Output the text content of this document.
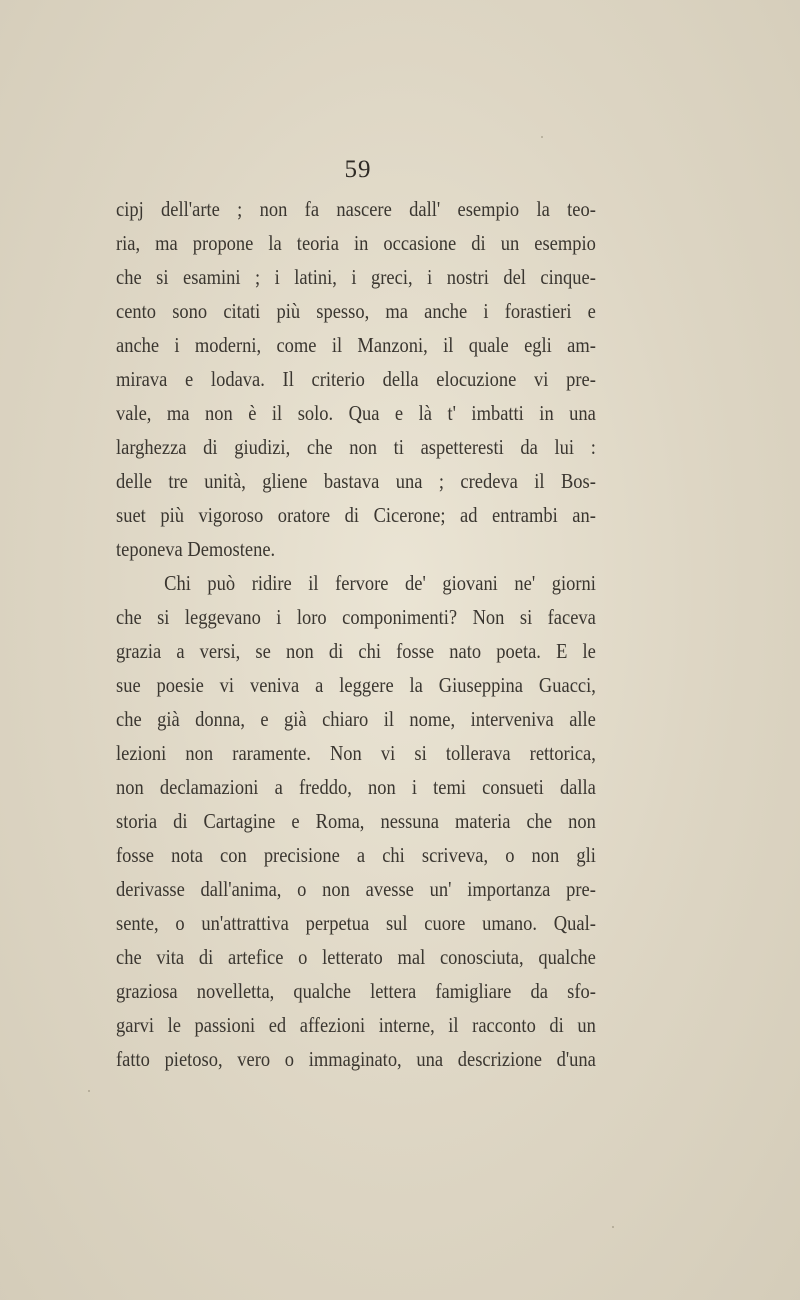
59
cipj dell'arte ; non fa nascere dall' esempio la teo-
ria, ma propone la teoria in occasione di un esempio
che si esamini ; i latini, i greci, i nostri del cinque-
cento sono citati più spesso, ma anche i forastieri e
anche i moderni, come il Manzoni, il quale egli am-
mirava e lodava. Il criterio della elocuzione vi pre-
vale, ma non è il solo. Qua e là t' imbatti in una
larghezza di giudizi, che non ti aspetteresti da lui :
delle tre unità, gliene bastava una ; credeva il Bos-
suet più vigoroso oratore di Cicerone; ad entrambi an-
teponeva Demostene.
Chi può ridire il fervore de' giovani ne' giorni
che si leggevano i loro componimenti? Non si faceva
grazia a versi, se non di chi fosse nato poeta. E le
sue poesie vi veniva a leggere la Giuseppina Guacci,
che già donna, e già chiaro il nome, interveniva alle
lezioni non raramente. Non vi si tollerava rettorica,
non declamazioni a freddo, non i temi consueti dalla
storia di Cartagine e Roma, nessuna materia che non
fosse nota con precisione a chi scriveva, o non gli
derivasse dall'anima, o non avesse un' importanza pre-
sente, o un'attrattiva perpetua sul cuore umano. Qual-
che vita di artefice o letterato mal conosciuta, qualche
graziosa novelletta, qualche lettera famigliare da sfo-
garvi le passioni ed affezioni interne, il racconto di un
fatto pietoso, vero o immaginato, una descrizione d'una
